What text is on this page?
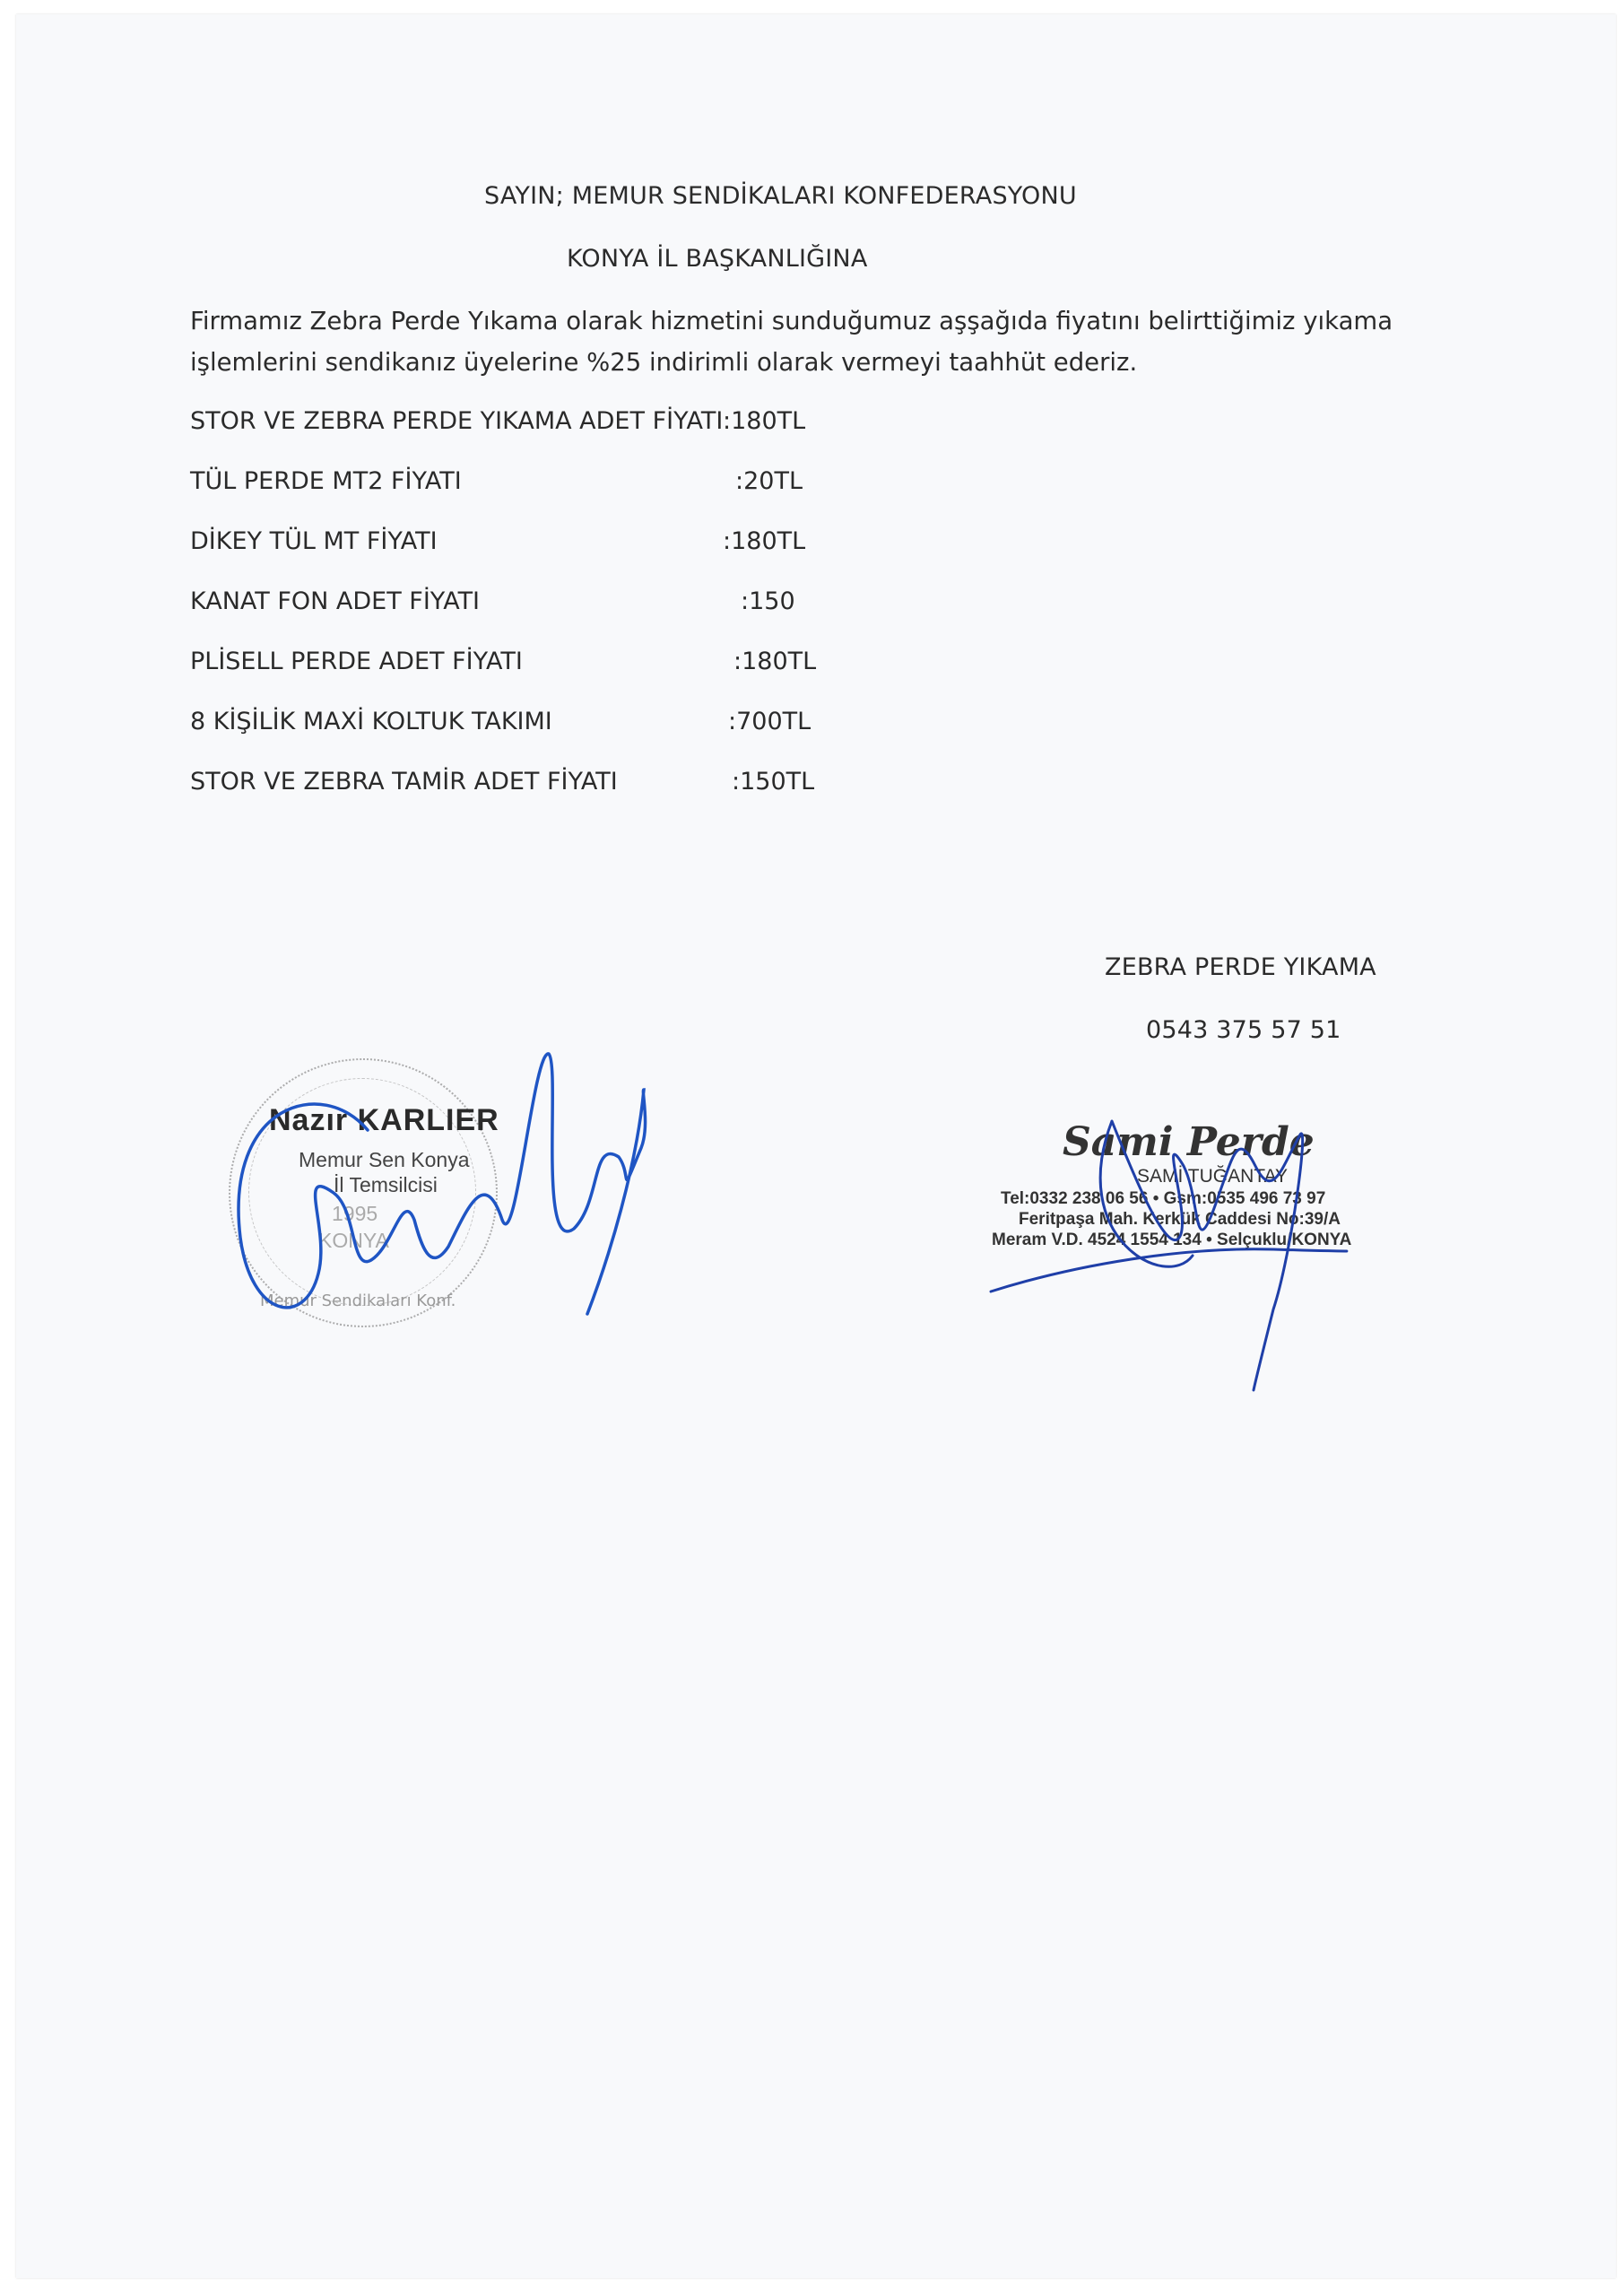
SAYIN; MEMUR SENDİKALARI KONFEDERASYONU
KONYA İL BAŞKANLIĞINA
Firmamız Zebra Perde Yıkama olarak hizmetini sunduğumuz aşşağıda fiyatını belirttiğimiz yıkama
işlemlerini sendikanız üyelerine %25 indirimli olarak vermeyi taahhüt ederiz.
STOR VE ZEBRA PERDE YIKAMA ADET FİYATI :180TL
TÜL PERDE MT2 FİYATI	:20TL
DİKEY TÜL MT FİYATI	:180TL
KANAT FON ADET FİYATI	:150
PLİSELL PERDE ADET FİYATI	:180TL
8 KİŞİLİK MAXİ KOLTUK TAKIMI	:700TL
STOR VE ZEBRA TAMİR ADET FİYATI	:150TL
ZEBRA PERDE YIKAMA
0543 375 57 51
Nazır KARLIER
Memur Sen Konya
İl Temsilcisi
1995
KONYA
Memur Sendikaları Konf.
Sami Perde
SAMİ TUĞANTAY
Tel:0332 238 06 56 • Gsm:0535 496 73 97
Feritpaşa Mah. Kerkük Caddesi No:39/A
Meram V.D. 4524 1554 134 • Selçuklu/KONYA
